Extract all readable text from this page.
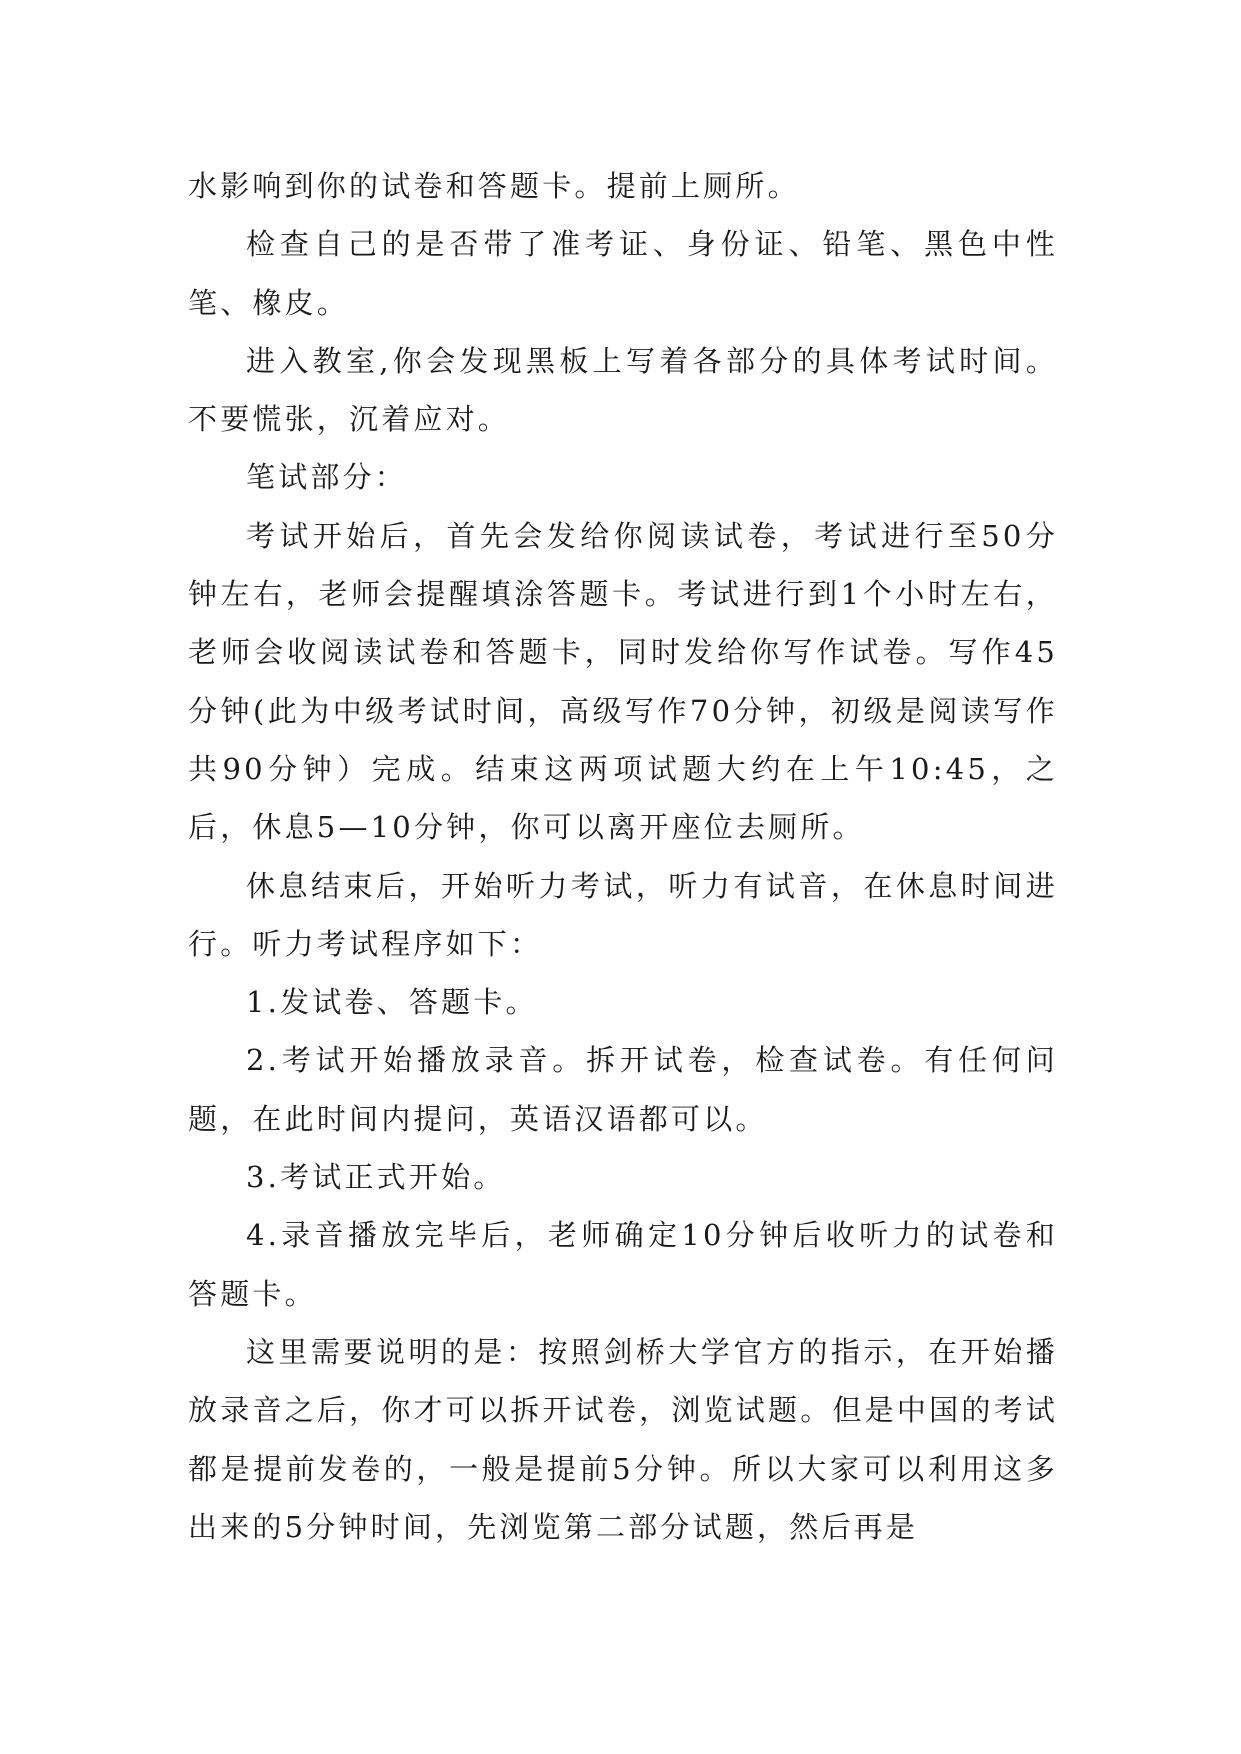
水影响到你的试卷和答题卡。提前上厕所。

检查自己的是否带了准考证、身份证、铅笔、黑色中性笔、橡皮。

进入教室,你会发现黑板上写着各部分的具体考试时间。不要慌张，沉着应对。

笔试部分：

考试开始后，首先会发给你阅读试卷，考试进行至50分钟左右，老师会提醒填涂答题卡。考试进行到1个小时左右，老师会收阅读试卷和答题卡，同时发给你写作试卷。写作45分钟(此为中级考试时间，高级写作70分钟，初级是阅读写作共90分钟）完成。结束这两项试题大约在上午10:45，之后，休息5—10分钟，你可以离开座位去厕所。

休息结束后，开始听力考试，听力有试音，在休息时间进行。听力考试程序如下：

1.发试卷、答题卡。

2.考试开始播放录音。拆开试卷，检查试卷。有任何问题，在此时间内提问，英语汉语都可以。

3.考试正式开始。

4.录音播放完毕后，老师确定10分钟后收听力的试卷和答题卡。

这里需要说明的是：按照剑桥大学官方的指示，在开始播放录音之后，你才可以拆开试卷，浏览试题。但是中国的考试都是提前发卷的，一般是提前5分钟。所以大家可以利用这多出来的5分钟时间，先浏览第二部分试题，然后再是
